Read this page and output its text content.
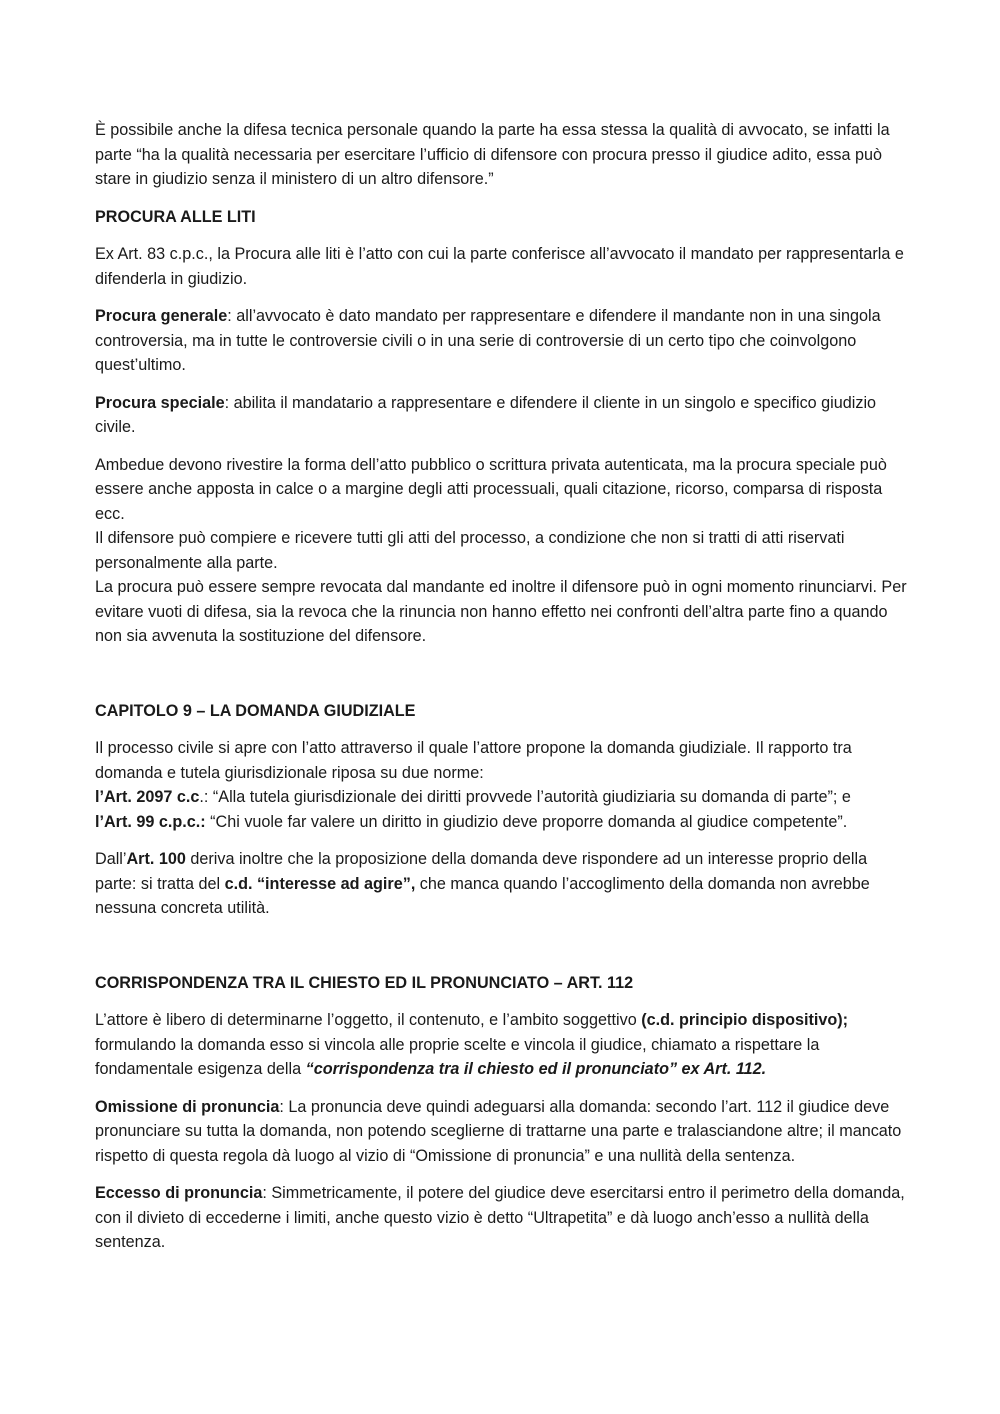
È possibile anche la difesa tecnica personale quando la parte ha essa stessa la qualità di avvocato, se infatti la parte “ha la qualità necessaria per esercitare l’ufficio di difensore con procura presso il giudice adito, essa può stare in giudizio senza il ministero di un altro difensore.”

PROCURA ALLE LITI

Ex Art. 83 c.p.c., la Procura alle liti è l’atto con cui la parte conferisce all’avvocato il mandato per rappresentarla e difenderla in giudizio.

Procura generale: all’avvocato è dato mandato per rappresentare e difendere il mandante non in una singola controversia, ma in tutte le controversie civili o in una serie di controversie di un certo tipo che coinvolgono quest’ultimo.

Procura speciale: abilita il mandatario a rappresentare e difendere il cliente in un singolo e specifico giudizio civile.

Ambedue devono rivestire la forma dell’atto pubblico o scrittura privata autenticata, ma la procura speciale può essere anche apposta in calce o a margine degli atti processuali, quali citazione, ricorso, comparsa di risposta ecc.
Il difensore può compiere e ricevere tutti gli atti del processo, a condizione che non si tratti di atti riservati personalmente alla parte.
La procura può essere sempre revocata dal mandante ed inoltre il difensore può in ogni momento rinunciarvi. Per evitare vuoti di difesa, sia la revoca che la rinuncia non hanno effetto nei confronti dell’altra parte fino a quando non sia avvenuta la sostituzione del difensore.

CAPITOLO 9 – LA DOMANDA GIUDIZIALE

Il processo civile si apre con l’atto attraverso il quale l’attore propone la domanda giudiziale. Il rapporto tra domanda e tutela giurisdizionale riposa su due norme:
l’Art. 2097 c.c.: “Alla tutela giurisdizionale dei diritti provvede l’autorità giudiziaria su domanda di parte”; e
l’Art. 99 c.p.c.: “Chi vuole far valere un diritto in giudizio deve proporre domanda al giudice competente”.

Dall’Art. 100 deriva inoltre che la proposizione della domanda deve rispondere ad un interesse proprio della parte: si tratta del c.d. “interesse ad agire”, che manca quando l’accoglimento della domanda non avrebbe nessuna concreta utilità.

CORRISPONDENZA TRA IL CHIESTO ED IL PRONUNCIATO – ART. 112

L’attore è libero di determinarne l’oggetto, il contenuto, e l’ambito soggettivo (c.d. principio dispositivo); formulando la domanda esso si vincola alle proprie scelte e vincola il giudice, chiamato a rispettare la fondamentale esigenza della “corrispondenza tra il chiesto ed il pronunciato” ex Art. 112.

Omissione di pronuncia: La pronuncia deve quindi adeguarsi alla domanda: secondo l’art. 112 il giudice deve pronunciare su tutta la domanda, non potendo sceglierne di trattarne una parte e tralasciandone altre; il mancato rispetto di questa regola dà luogo al vizio di “Omissione di pronuncia” e una nullità della sentenza.

Eccesso di pronuncia: Simmetricamente, il potere del giudice deve esercitarsi entro il perimetro della domanda, con il divieto di eccederne i limiti, anche questo vizio è detto “Ultrapetita” e dà luogo anch’esso a nullità della sentenza.
